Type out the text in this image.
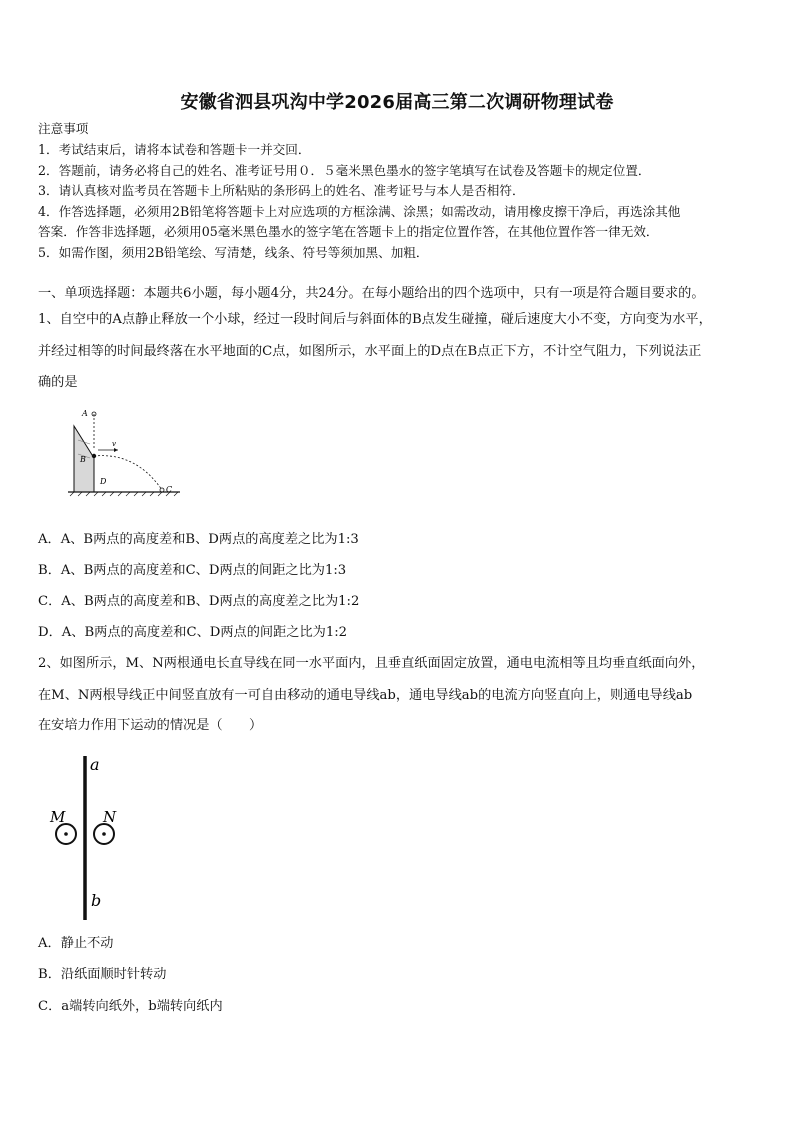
安徽省泗县巩沟中学2026届高三第二次调研物理试卷
注意事项
1．考试结束后，请将本试卷和答题卡一并交回．
2．答题前，请务必将自己的姓名、准考证号用０．５毫米黑色墨水的签字笔填写在试卷及答题卡的规定位置．
3．请认真核对监考员在答题卡上所粘贴的条形码上的姓名、准考证号与本人是否相符．
4．作答选择题，必须用2B铅笔将答题卡上对应选项的方框涂满、涂黑；如需改动，请用橡皮擦干净后，再选涂其他
答案．作答非选择题，必须用05毫米黑色墨水的签字笔在答题卡上的指定位置作答，在其他位置作答一律无效．
5．如需作图，须用2B铅笔绘、写清楚，线条、符号等须加黑、加粗．
一、单项选择题：本题共6小题，每小题4分，共24分。在每小题给出的四个选项中，只有一项是符合题目要求的。
1、自空中的A点静止释放一个小球，经过一段时间后与斜面体的B点发生碰撞，碰后速度大小不变，方向变为水平，
并经过相等的时间最终落在水平地面的C点，如图所示，水平面上的D点在B点正下方，不计空气阻力，下列说法正
确的是
A
B
D
v
C
A．A、B两点的高度差和B、D两点的高度差之比为1:3
B．A、B两点的高度差和C、D两点的间距之比为1:3
C．A、B两点的高度差和B、D两点的高度差之比为1:2
D．A、B两点的高度差和C、D两点的间距之比为1:2
2、如图所示，M、N两根通电长直导线在同一水平面内，且垂直纸面固定放置，通电电流相等且均垂直纸面向外，
在M、N两根导线正中间竖直放有一可自由移动的通电导线ab，通电导线ab的电流方向竖直向上，则通电导线ab
在安培力作用下运动的情况是（　　）
a
b
M	N
A．静止不动
B．沿纸面顺时针转动
C．a端转向纸外，b端转向纸内
